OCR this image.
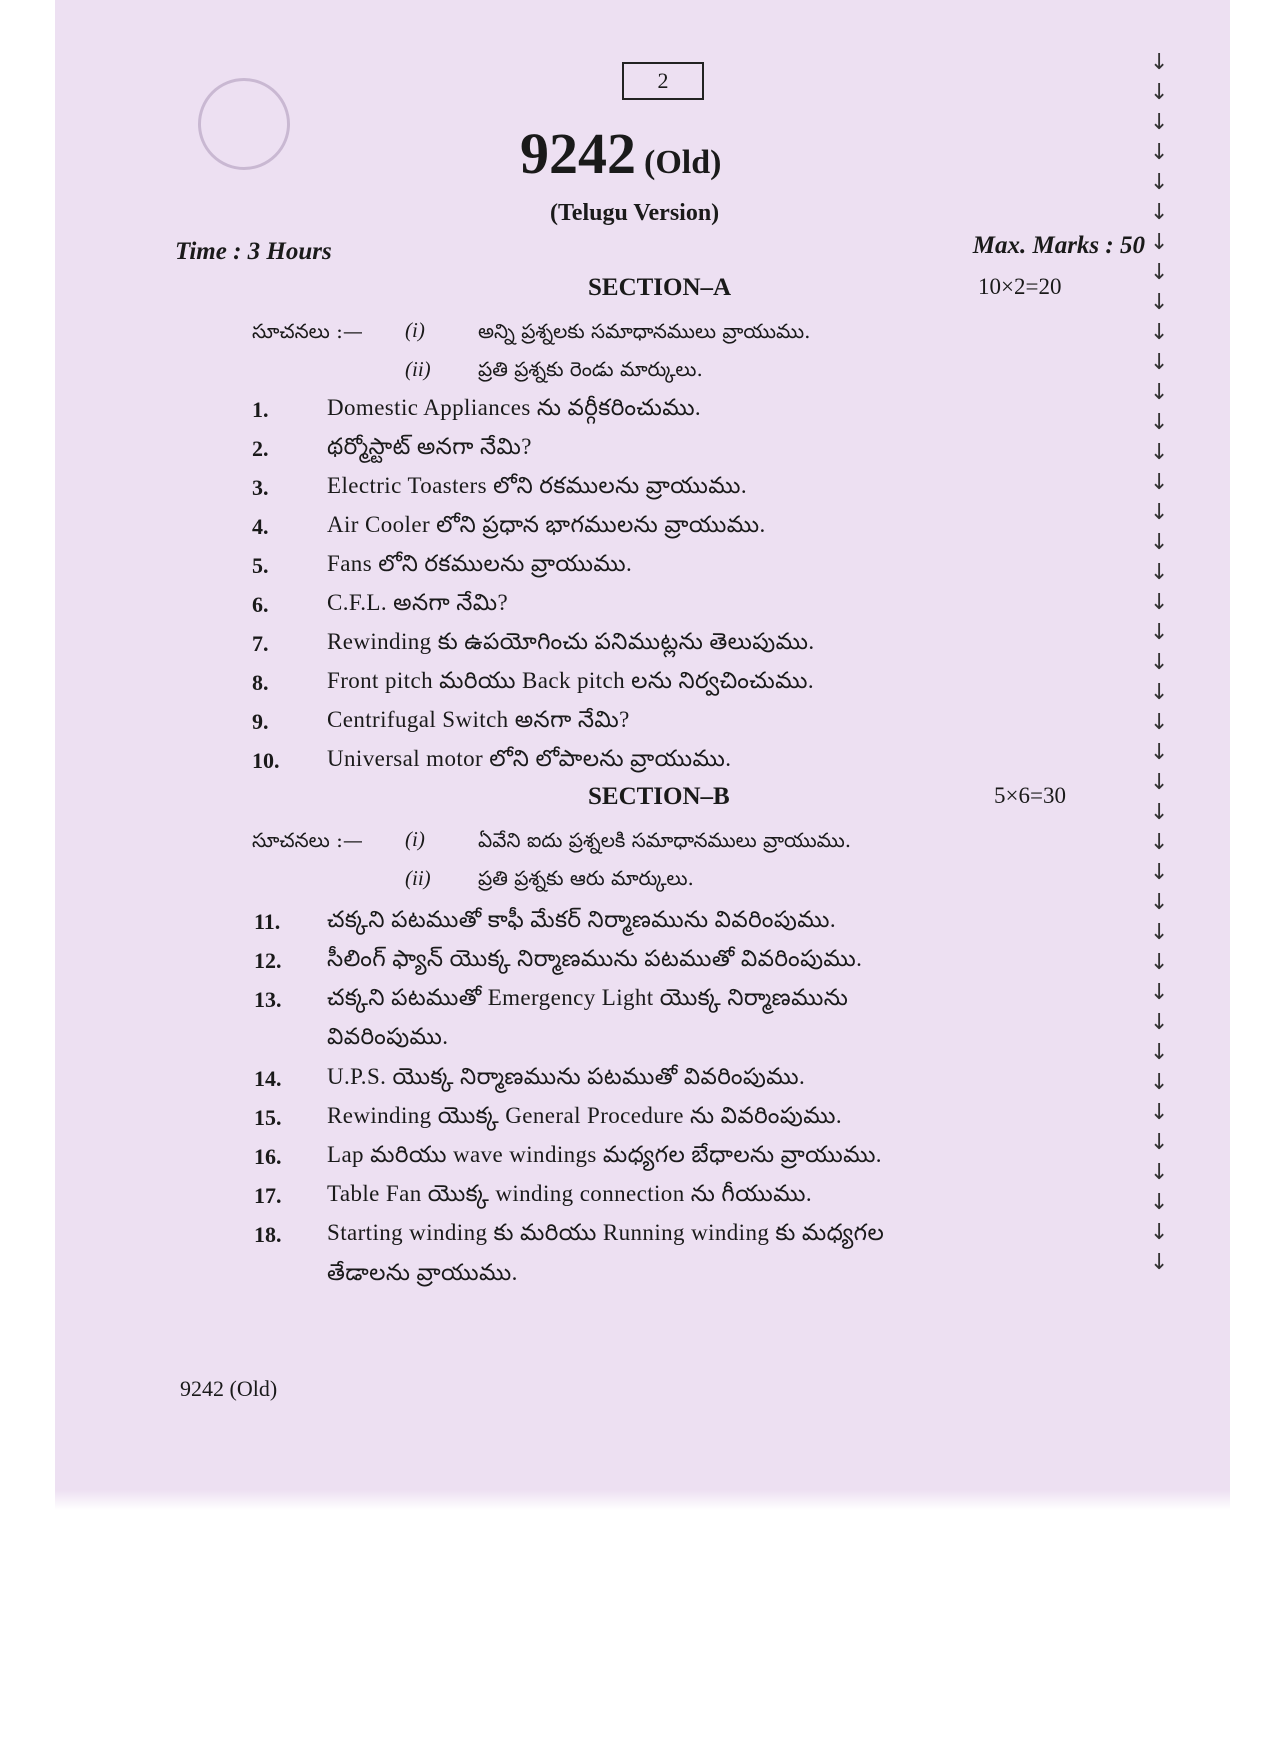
2
9242 (Old)
(Telugu Version)
Time : 3 Hours	Max. Marks : 50
SECTION–A	10×2=20
సూచనలు :— (i)	అన్ని ప్రశ్నలకు సమాధానములు వ్రాయుము.
(ii) ప్రతి ప్రశ్నకు రెండు మార్కులు.
1.	Domestic Appliances ను వర్గీకరించుము.
2.	థర్మోస్టాట్ అనగా నేమి?
3.	Electric Toasters లోని రకములను వ్రాయుము.
4.	Air Cooler లోని ప్రధాన భాగములను వ్రాయుము.
5.	Fans లోని రకములను వ్రాయుము.
6.	C.F.L. అనగా నేమి?
7.	Rewinding కు ఉపయోగించు పనిముట్లను తెలుపుము.
8.	Front pitch మరియు Back pitch లను నిర్వచించుము.
9.	Centrifugal Switch అనగా నేమి?
10. Universal motor లోని లోపాలను వ్రాయుము.
SECTION–B	5×6=30
సూచనలు :— (i)	ఏవేని ఐదు ప్రశ్నలకి సమాధానములు వ్రాయుము.
(ii) ప్రతి ప్రశ్నకు ఆరు మార్కులు.
11. చక్కని పటముతో కాఫీ మేకర్ నిర్మాణమును వివరింపుము.
12. సీలింగ్ ఫ్యాన్ యొక్క నిర్మాణమును పటముతో వివరింపుము.
13. చక్కని పటముతో Emergency Light యొక్క నిర్మాణమును
వివరింపుము.
14. U.P.S. యొక్క నిర్మాణమును పటముతో వివరింపుము.
15. Rewinding యొక్క General Procedure ను వివరింపుము.
16. Lap మరియు wave windings మధ్యగల బేధాలను వ్రాయుము.
17. Table Fan యొక్క winding connection ను గీయుము.
18. Starting winding కు మరియు Running winding కు మధ్యగల
తేడాలను వ్రాయుము.
9242 (Old)
↓
↓
↓
↓
↓
↓
↓
↓
↓
↓
↓
↓
↓
↓
↓
↓
↓
↓
↓
↓
↓
↓
↓
↓
↓
↓
↓
↓
↓
↓
↓
↓
↓
↓
↓
↓
↓
↓
↓
↓
↓
